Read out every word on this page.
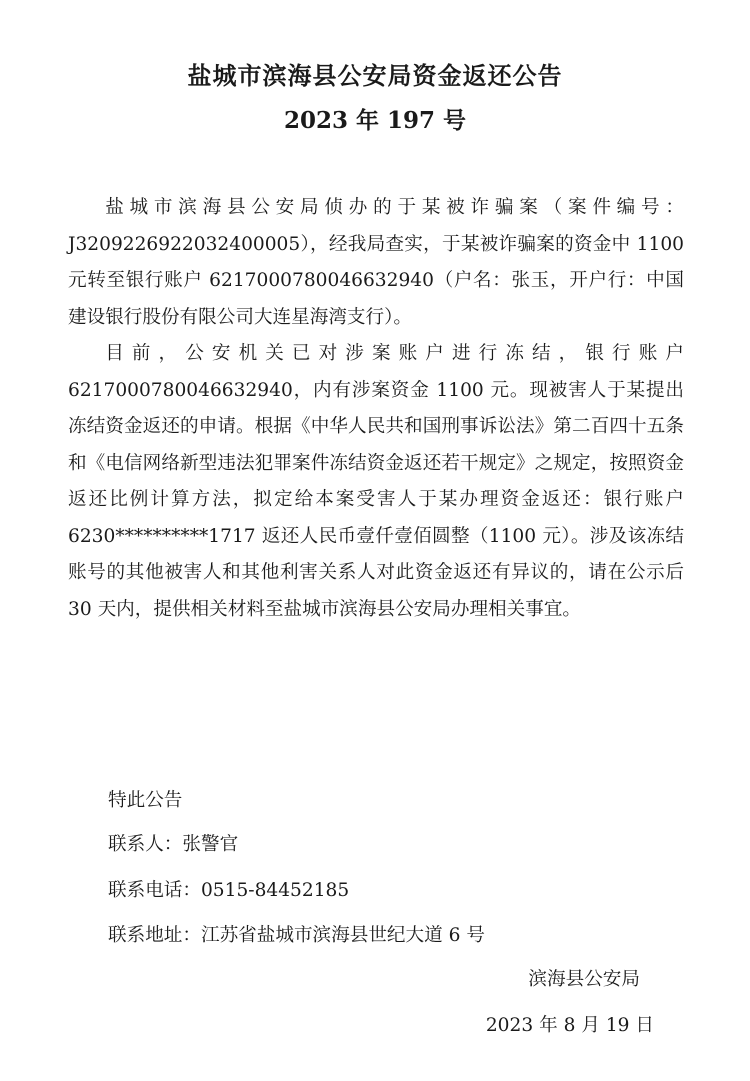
盐城市滨海县公安局资金返还公告
2023 年 197 号

盐城市滨海县公安局侦办的于某被诈骗案（案件编号：J3209226922032400005），经我局查实，于某被诈骗案的资金中 1100 元转至银行账户 6217000780046632940（户名：张玉，开户行：中国建设银行股份有限公司大连星海湾支行）。

目前，公安机关已对涉案账户进行冻结，银行账户 6217000780046632940，内有涉案资金 1100 元。现被害人于某提出冻结资金返还的申请。根据《中华人民共和国刑事诉讼法》第二百四十五条和《电信网络新型违法犯罪案件冻结资金返还若干规定》之规定，按照资金返还比例计算方法，拟定给本案受害人于某办理资金返还：银行账户 6230**********1717 返还人民币壹仟壹佰圆整（1100 元）。涉及该冻结账号的其他被害人和其他利害关系人对此资金返还有异议的，请在公示后 30 天内，提供相关材料至盐城市滨海县公安局办理相关事宜。

特此公告
联系人：张警官
联系电话：0515-84452185
联系地址：江苏省盐城市滨海县世纪大道 6 号
滨海县公安局
2023 年 8 月 19 日
